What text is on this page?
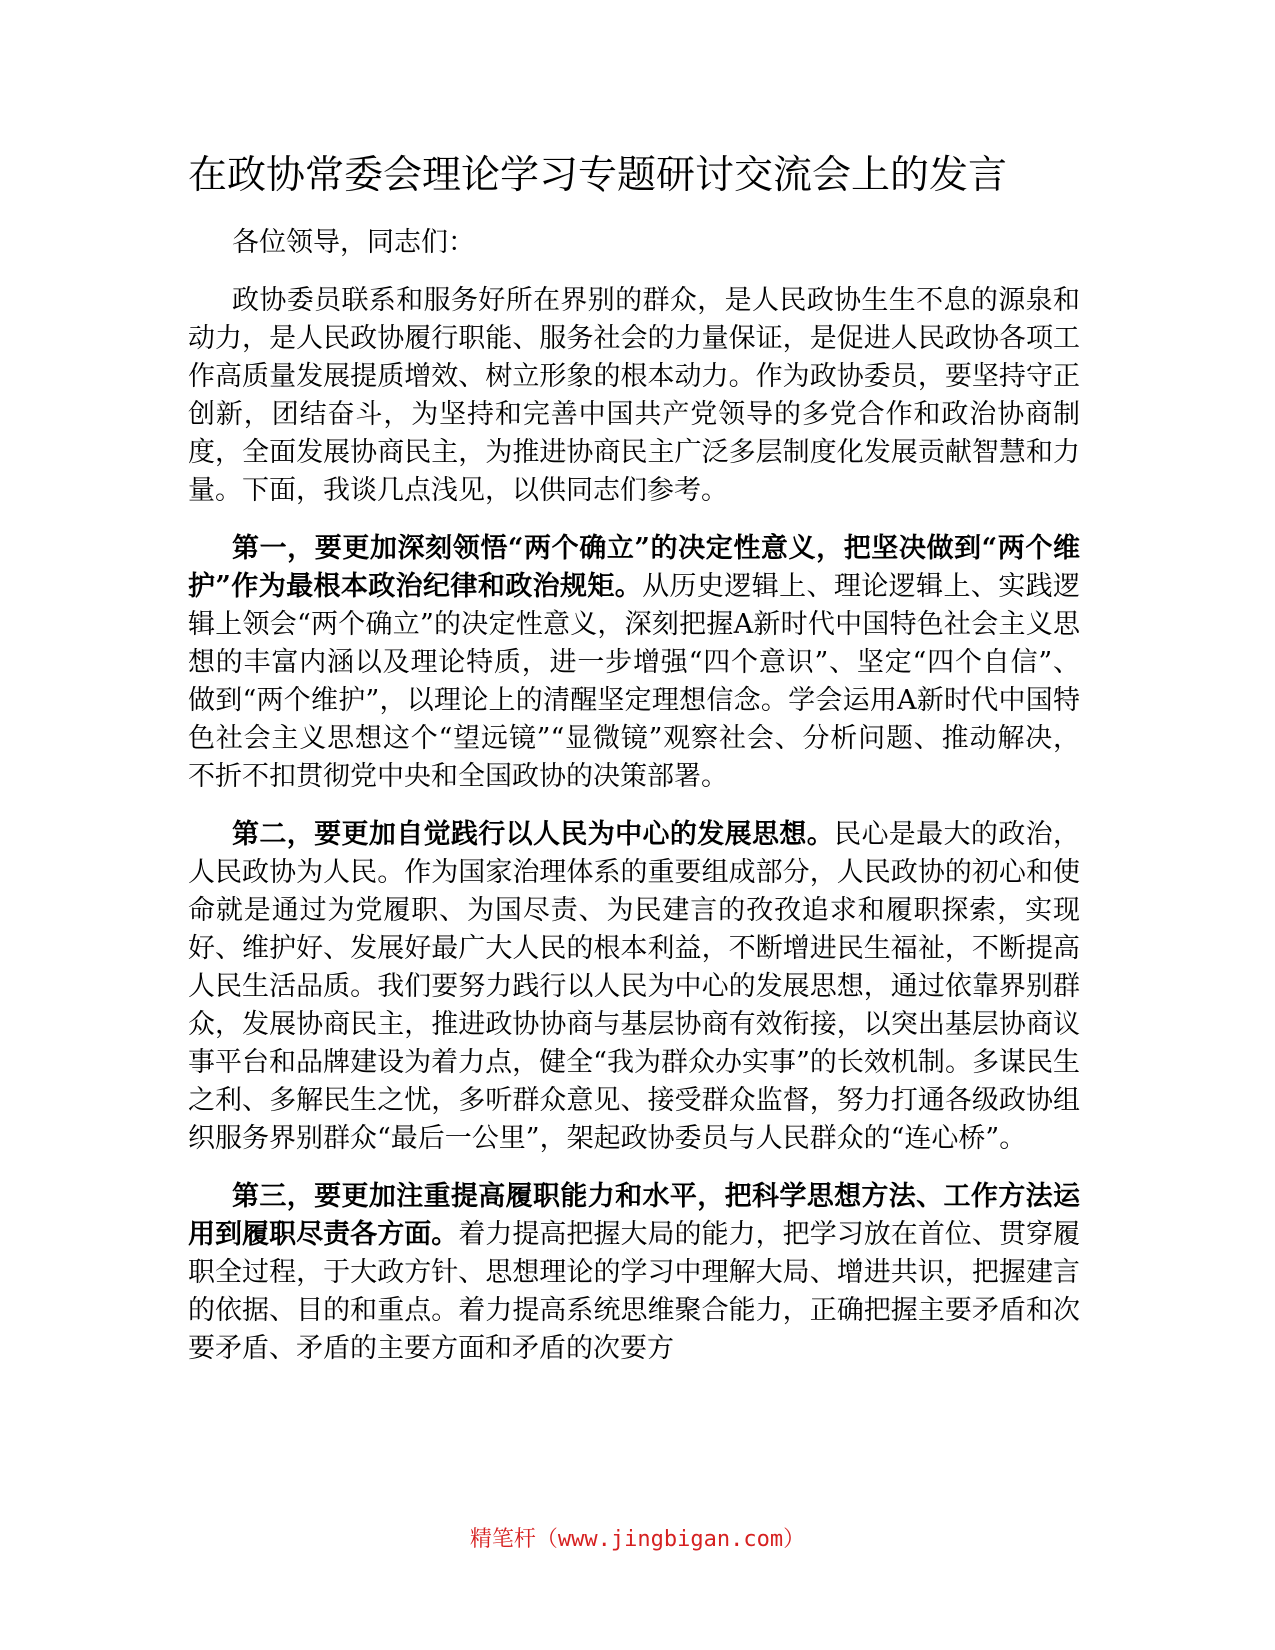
在政协常委会理论学习专题研讨交流会上的发言

各位领导，同志们：

政协委员联系和服务好所在界别的群众，是人民政协生生不息的源泉和动力，是人民政协履行职能、服务社会的力量保证，是促进人民政协各项工作高质量发展提质增效、树立形象的根本动力。作为政协委员，要坚持守正创新，团结奋斗，为坚持和完善中国共产党领导的多党合作和政治协商制度，全面发展协商民主，为推进协商民主广泛多层制度化发展贡献智慧和力量。下面，我谈几点浅见，以供同志们参考。

第一，要更加深刻领悟“两个确立”的决定性意义，把坚决做到“两个维护”作为最根本政治纪律和政治规矩。从历史逻辑上、理论逻辑上、实践逻辑上领会“两个确立”的决定性意义，深刻把握A新时代中国特色社会主义思想的丰富内涵以及理论特质，进一步增强“四个意识”、坚定“四个自信”、做到“两个维护”，以理论上的清醒坚定理想信念。学会运用A新时代中国特色社会主义思想这个“望远镜”“显微镜”观察社会、分析问题、推动解决，不折不扣贯彻党中央和全国政协的决策部署。

第二，要更加自觉践行以人民为中心的发展思想。民心是最大的政治，人民政协为人民。作为国家治理体系的重要组成部分，人民政协的初心和使命就是通过为党履职、为国尽责、为民建言的孜孜追求和履职探索，实现好、维护好、发展好最广大人民的根本利益，不断增进民生福祉，不断提高人民生活品质。我们要努力践行以人民为中心的发展思想，通过依靠界别群众，发展协商民主，推进政协协商与基层协商有效衔接，以突出基层协商议事平台和品牌建设为着力点，健全“我为群众办实事”的长效机制。多谋民生之利、多解民生之忧，多听群众意见、接受群众监督，努力打通各级政协组织服务界别群众“最后一公里”，架起政协委员与人民群众的“连心桥”。

第三，要更加注重提高履职能力和水平，把科学思想方法、工作方法运用到履职尽责各方面。着力提高把握大局的能力，把学习放在首位、贯穿履职全过程，于大政方针、思想理论的学习中理解大局、增进共识，把握建言的依据、目的和重点。着力提高系统思维聚合能力，正确把握主要矛盾和次要矛盾、矛盾的主要方面和矛盾的次要方

精笔杆（www.jingbigan.com）
